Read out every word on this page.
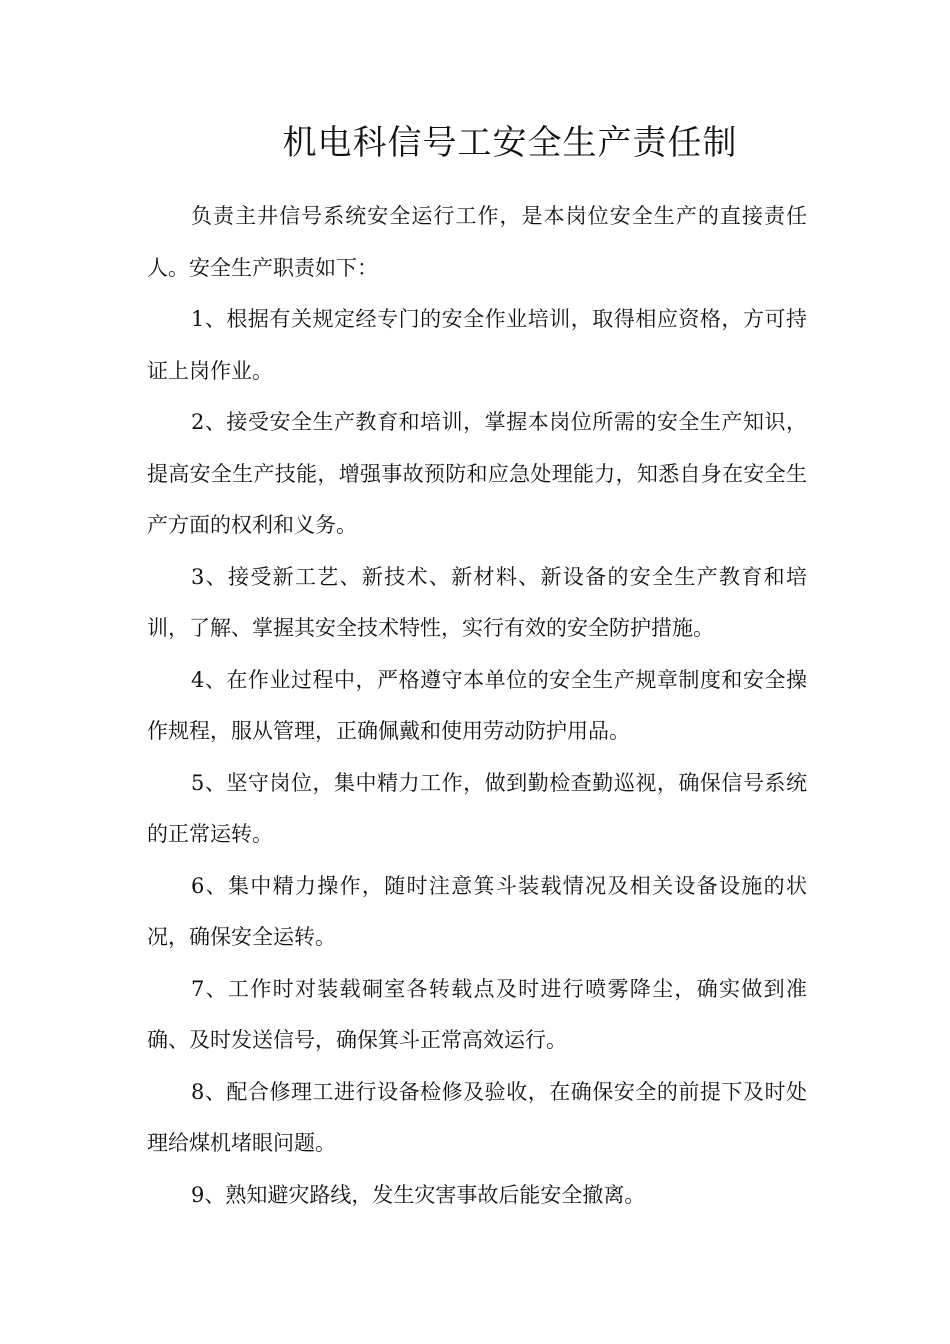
机电科信号工安全生产责任制

负责主井信号系统安全运行工作，是本岗位安全生产的直接责任人。安全生产职责如下：

1、根据有关规定经专门的安全作业培训，取得相应资格，方可持证上岗作业。

2、接受安全生产教育和培训，掌握本岗位所需的安全生产知识，提高安全生产技能，增强事故预防和应急处理能力，知悉自身在安全生产方面的权利和义务。

3、接受新工艺、新技术、新材料、新设备的安全生产教育和培训，了解、掌握其安全技术特性，实行有效的安全防护措施。

4、在作业过程中，严格遵守本单位的安全生产规章制度和安全操作规程，服从管理，正确佩戴和使用劳动防护用品。

5、坚守岗位，集中精力工作，做到勤检查勤巡视，确保信号系统的正常运转。

6、集中精力操作，随时注意箕斗装载情况及相关设备设施的状况，确保安全运转。

7、工作时对装载硐室各转载点及时进行喷雾降尘，确实做到准确、及时发送信号，确保箕斗正常高效运行。

8、配合修理工进行设备检修及验收，在确保安全的前提下及时处理给煤机堵眼问题。

9、熟知避灾路线，发生灾害事故后能安全撤离。
